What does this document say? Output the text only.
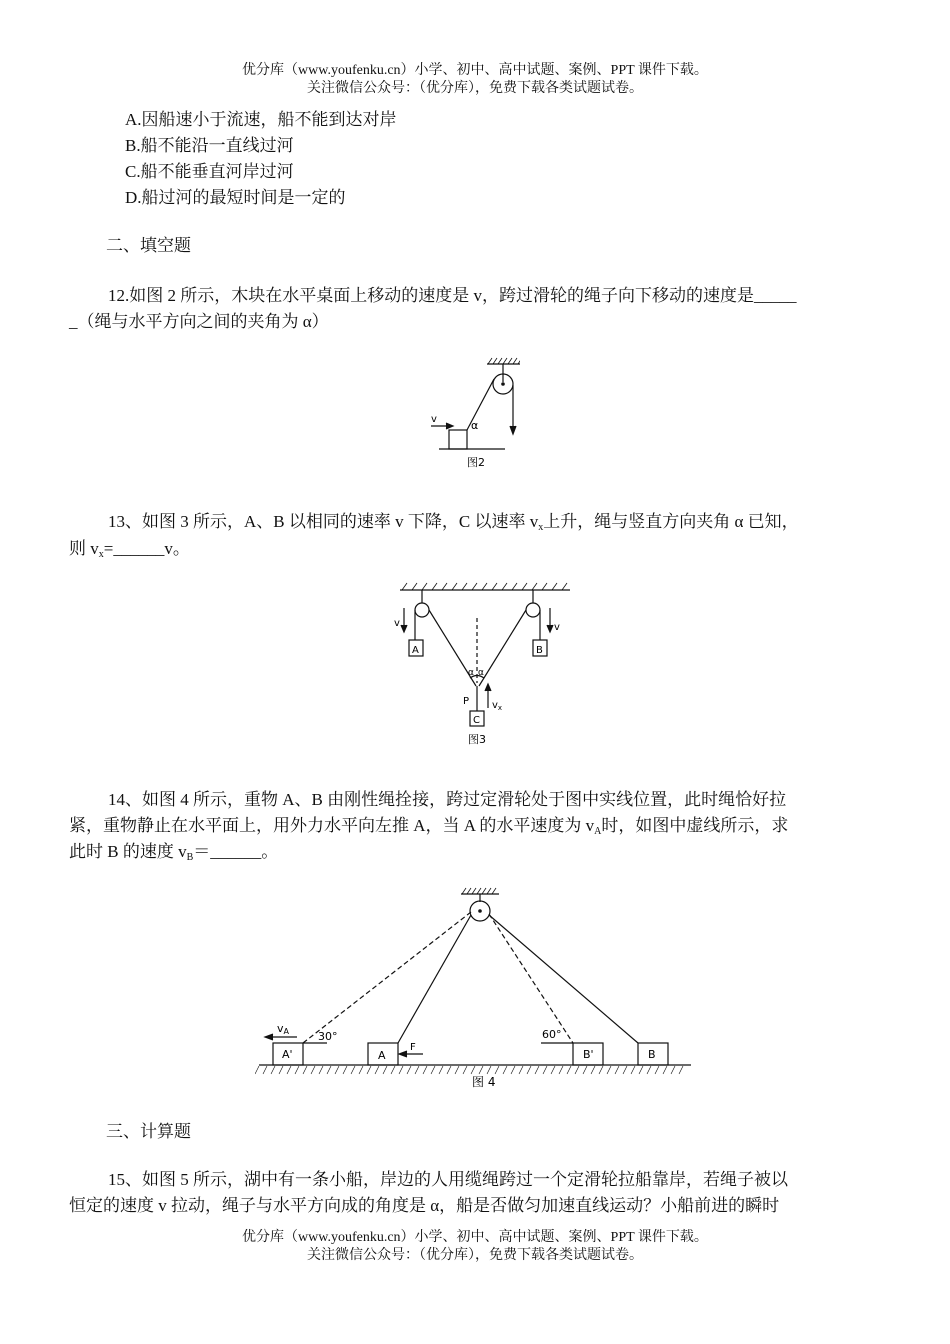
优分库（www.youfenku.cn）小学、初中、高中试题、案例、PPT 课件下载。
关注微信公众号：（优分库），免费下载各类试题试卷。
A.因船速小于流速，船不能到达对岸
B.船不能沿一直线过河
C.船不能垂直河岸过河
D.船过河的最短时间是一定的
二、填空题
12.如图 2 所示，木块在水平桌面上移动的速度是 v，跨过滑轮的绳子向下移动的速度是_____
_（绳与水平方向之间的夹角为 α）
v	α
图2
13、如图 3 所示，A、B 以相同的速率 v 下降，C 以速率 $v_x$上升，绳与竖直方向夹角 α 已知，
则 $v_x=\_\_\_\_\_\_v$。
v	v
A	B
C
P
α α
$v_x$
图3
14、如图 4 所示，重物 A、B 由刚性绳拴接，跨过定滑轮处于图中实线位置，此时绳恰好拉
紧，重物静止在水平面上，用外力水平向左推 A，当 A 的水平速度为 $v_A$时，如图中虚线所示，求
此时 B 的速度 $v_B=\_\_\_\_\_\_$。
vA	30°	60°
A'	A
F
B'	B
图 4
三、计算题
15、如图 5 所示，湖中有一条小船，岸边的人用缆绳跨过一个定滑轮拉船靠岸，若绳子被以
恒定的速度 v 拉动，绳子与水平方向成的角度是 α，船是否做匀加速直线运动？小船前进的瞬时
优分库（www.youfenku.cn）小学、初中、高中试题、案例、PPT 课件下载。
关注微信公众号：（优分库），免费下载各类试题试卷。
